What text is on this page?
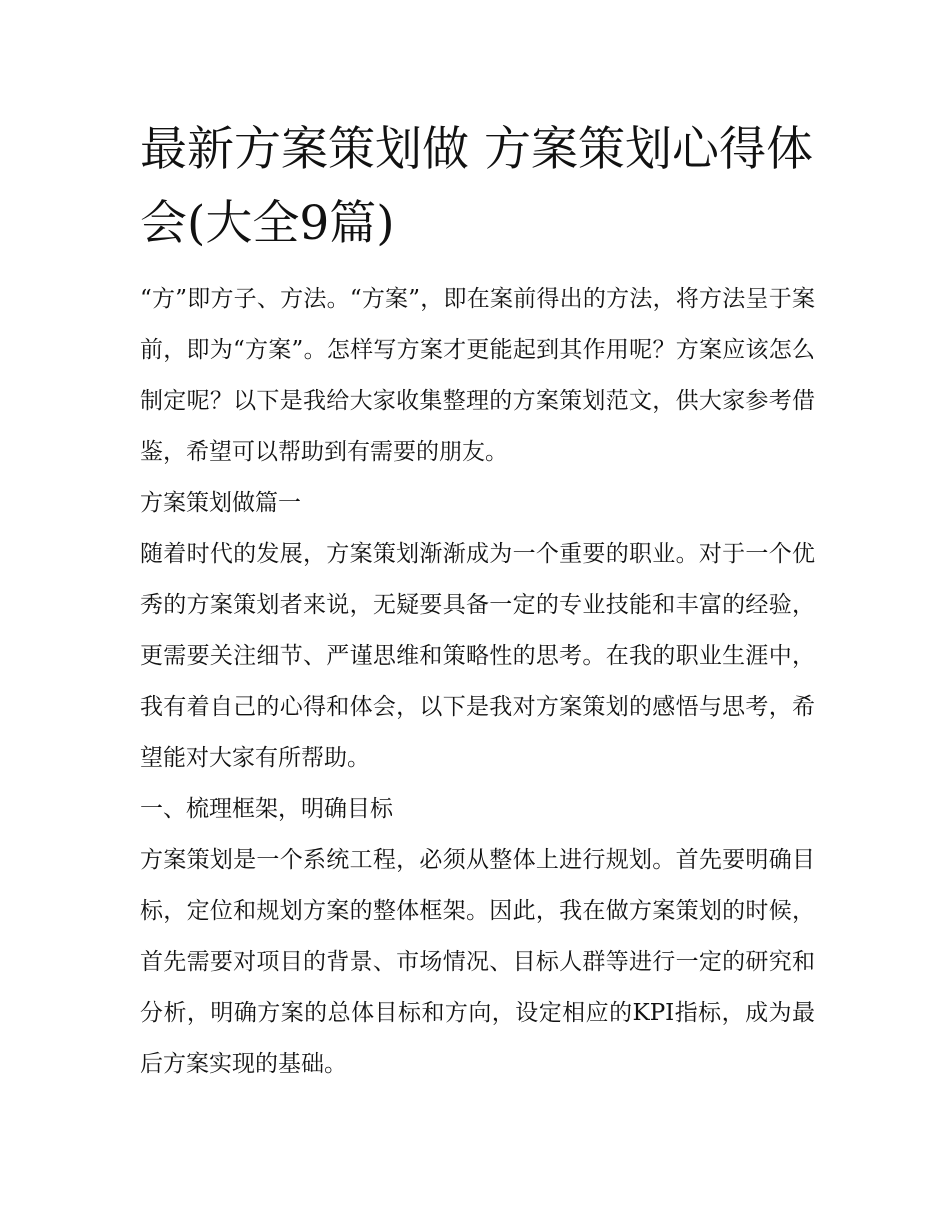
最新方案策划做 方案策划心得体会(大全9篇)

“方”即方子、方法。“方案”，即在案前得出的方法，将方法呈于案前，即为“方案”。怎样写方案才更能起到其作用呢？方案应该怎么制定呢？以下是我给大家收集整理的方案策划范文，供大家参考借鉴，希望可以帮助到有需要的朋友。

方案策划做篇一

随着时代的发展，方案策划渐渐成为一个重要的职业。对于一个优秀的方案策划者来说，无疑要具备一定的专业技能和丰富的经验，更需要关注细节、严谨思维和策略性的思考。在我的职业生涯中，我有着自己的心得和体会，以下是我对方案策划的感悟与思考，希望能对大家有所帮助。

一、梳理框架，明确目标

方案策划是一个系统工程，必须从整体上进行规划。首先要明确目标，定位和规划方案的整体框架。因此，我在做方案策划的时候，首先需要对项目的背景、市场情况、目标人群等进行一定的研究和分析，明确方案的总体目标和方向，设定相应的KPI指标，成为最后方案实现的基础。
